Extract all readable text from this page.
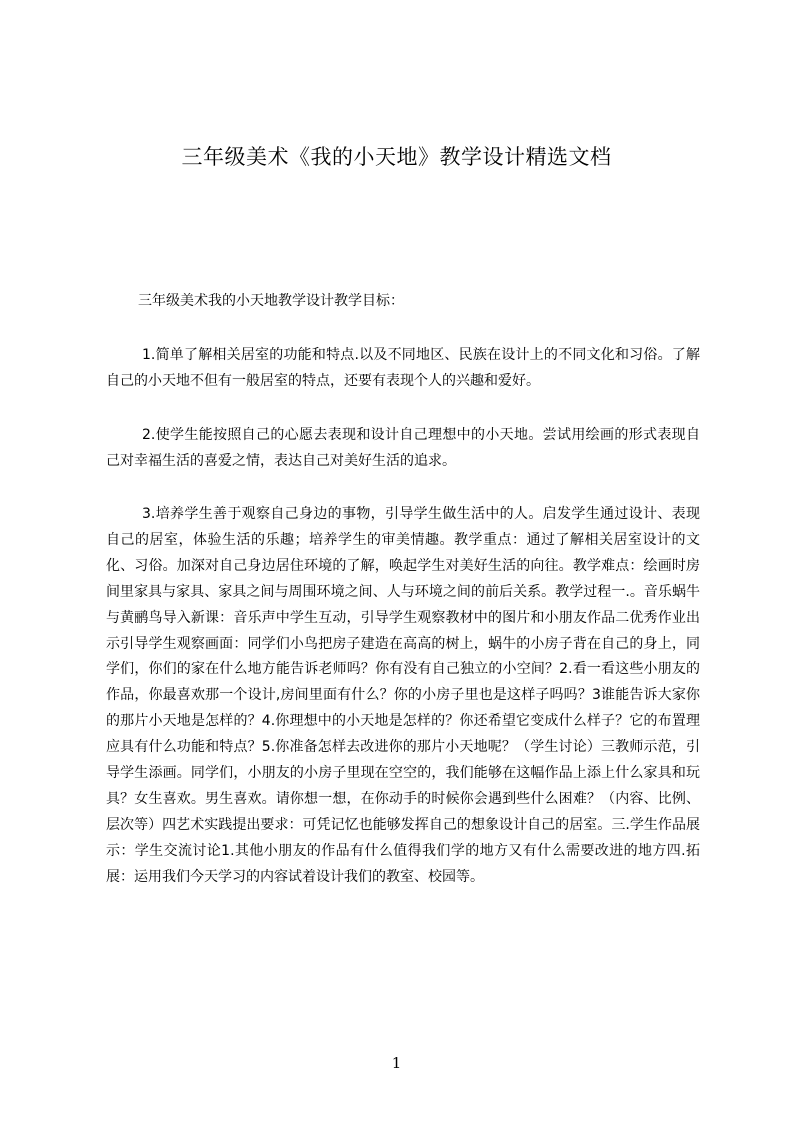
三年级美术《我的小天地》教学设计精选文档
三年级美术我的小天地教学设计教学目标：
1.简单了解相关居室的功能和特点.以及不同地区、民族在设计上的不同文化和习俗。了解自己的小天地不但有一般居室的特点，还要有表现个人的兴趣和爱好。
2.使学生能按照自己的心愿去表现和设计自己理想中的小天地。尝试用绘画的形式表现自己对幸福生活的喜爱之情，表达自己对美好生活的追求。
3.培养学生善于观察自己身边的事物，引导学生做生活中的人。启发学生通过设计、表现自己的居室，体验生活的乐趣；培养学生的审美情趣。教学重点：通过了解相关居室设计的文化、习俗。加深对自己身边居住环境的了解，唤起学生对美好生活的向往。教学难点：绘画时房间里家具与家具、家具之间与周围环境之间、人与环境之间的前后关系。教学过程一.。音乐蜗牛与黄鹂鸟导入新课：音乐声中学生互动，引导学生观察教材中的图片和小朋友作品二优秀作业出示引导学生观察画面：同学们小鸟把房子建造在高高的树上，蜗牛的小房子背在自己的身上，同学们，你们的家在什么地方能告诉老师吗？你有没有自己独立的小空间？2.看一看这些小朋友的作品，你最喜欢那一个设计,房间里面有什么？你的小房子里也是这样子吗吗？3谁能告诉大家你的那片小天地是怎样的？4.你理想中的小天地是怎样的？你还希望它变成什么样子？它的布置理应具有什么功能和特点？5.你准备怎样去改进你的那片小天地呢？（学生讨论）三教师示范，引导学生添画。同学们，小朋友的小房子里现在空空的，我们能够在这幅作品上添上什么家具和玩具？女生喜欢。男生喜欢。请你想一想，在你动手的时候你会遇到些什么困难？（内容、比例、层次等）四艺术实践提出要求：可凭记忆也能够发挥自己的想象设计自己的居室。三.学生作品展示：学生交流讨论1.其他小朋友的作品有什么值得我们学的地方又有什么需要改进的地方四.拓展：运用我们今天学习的内容试着设计我们的教室、校园等。
1
